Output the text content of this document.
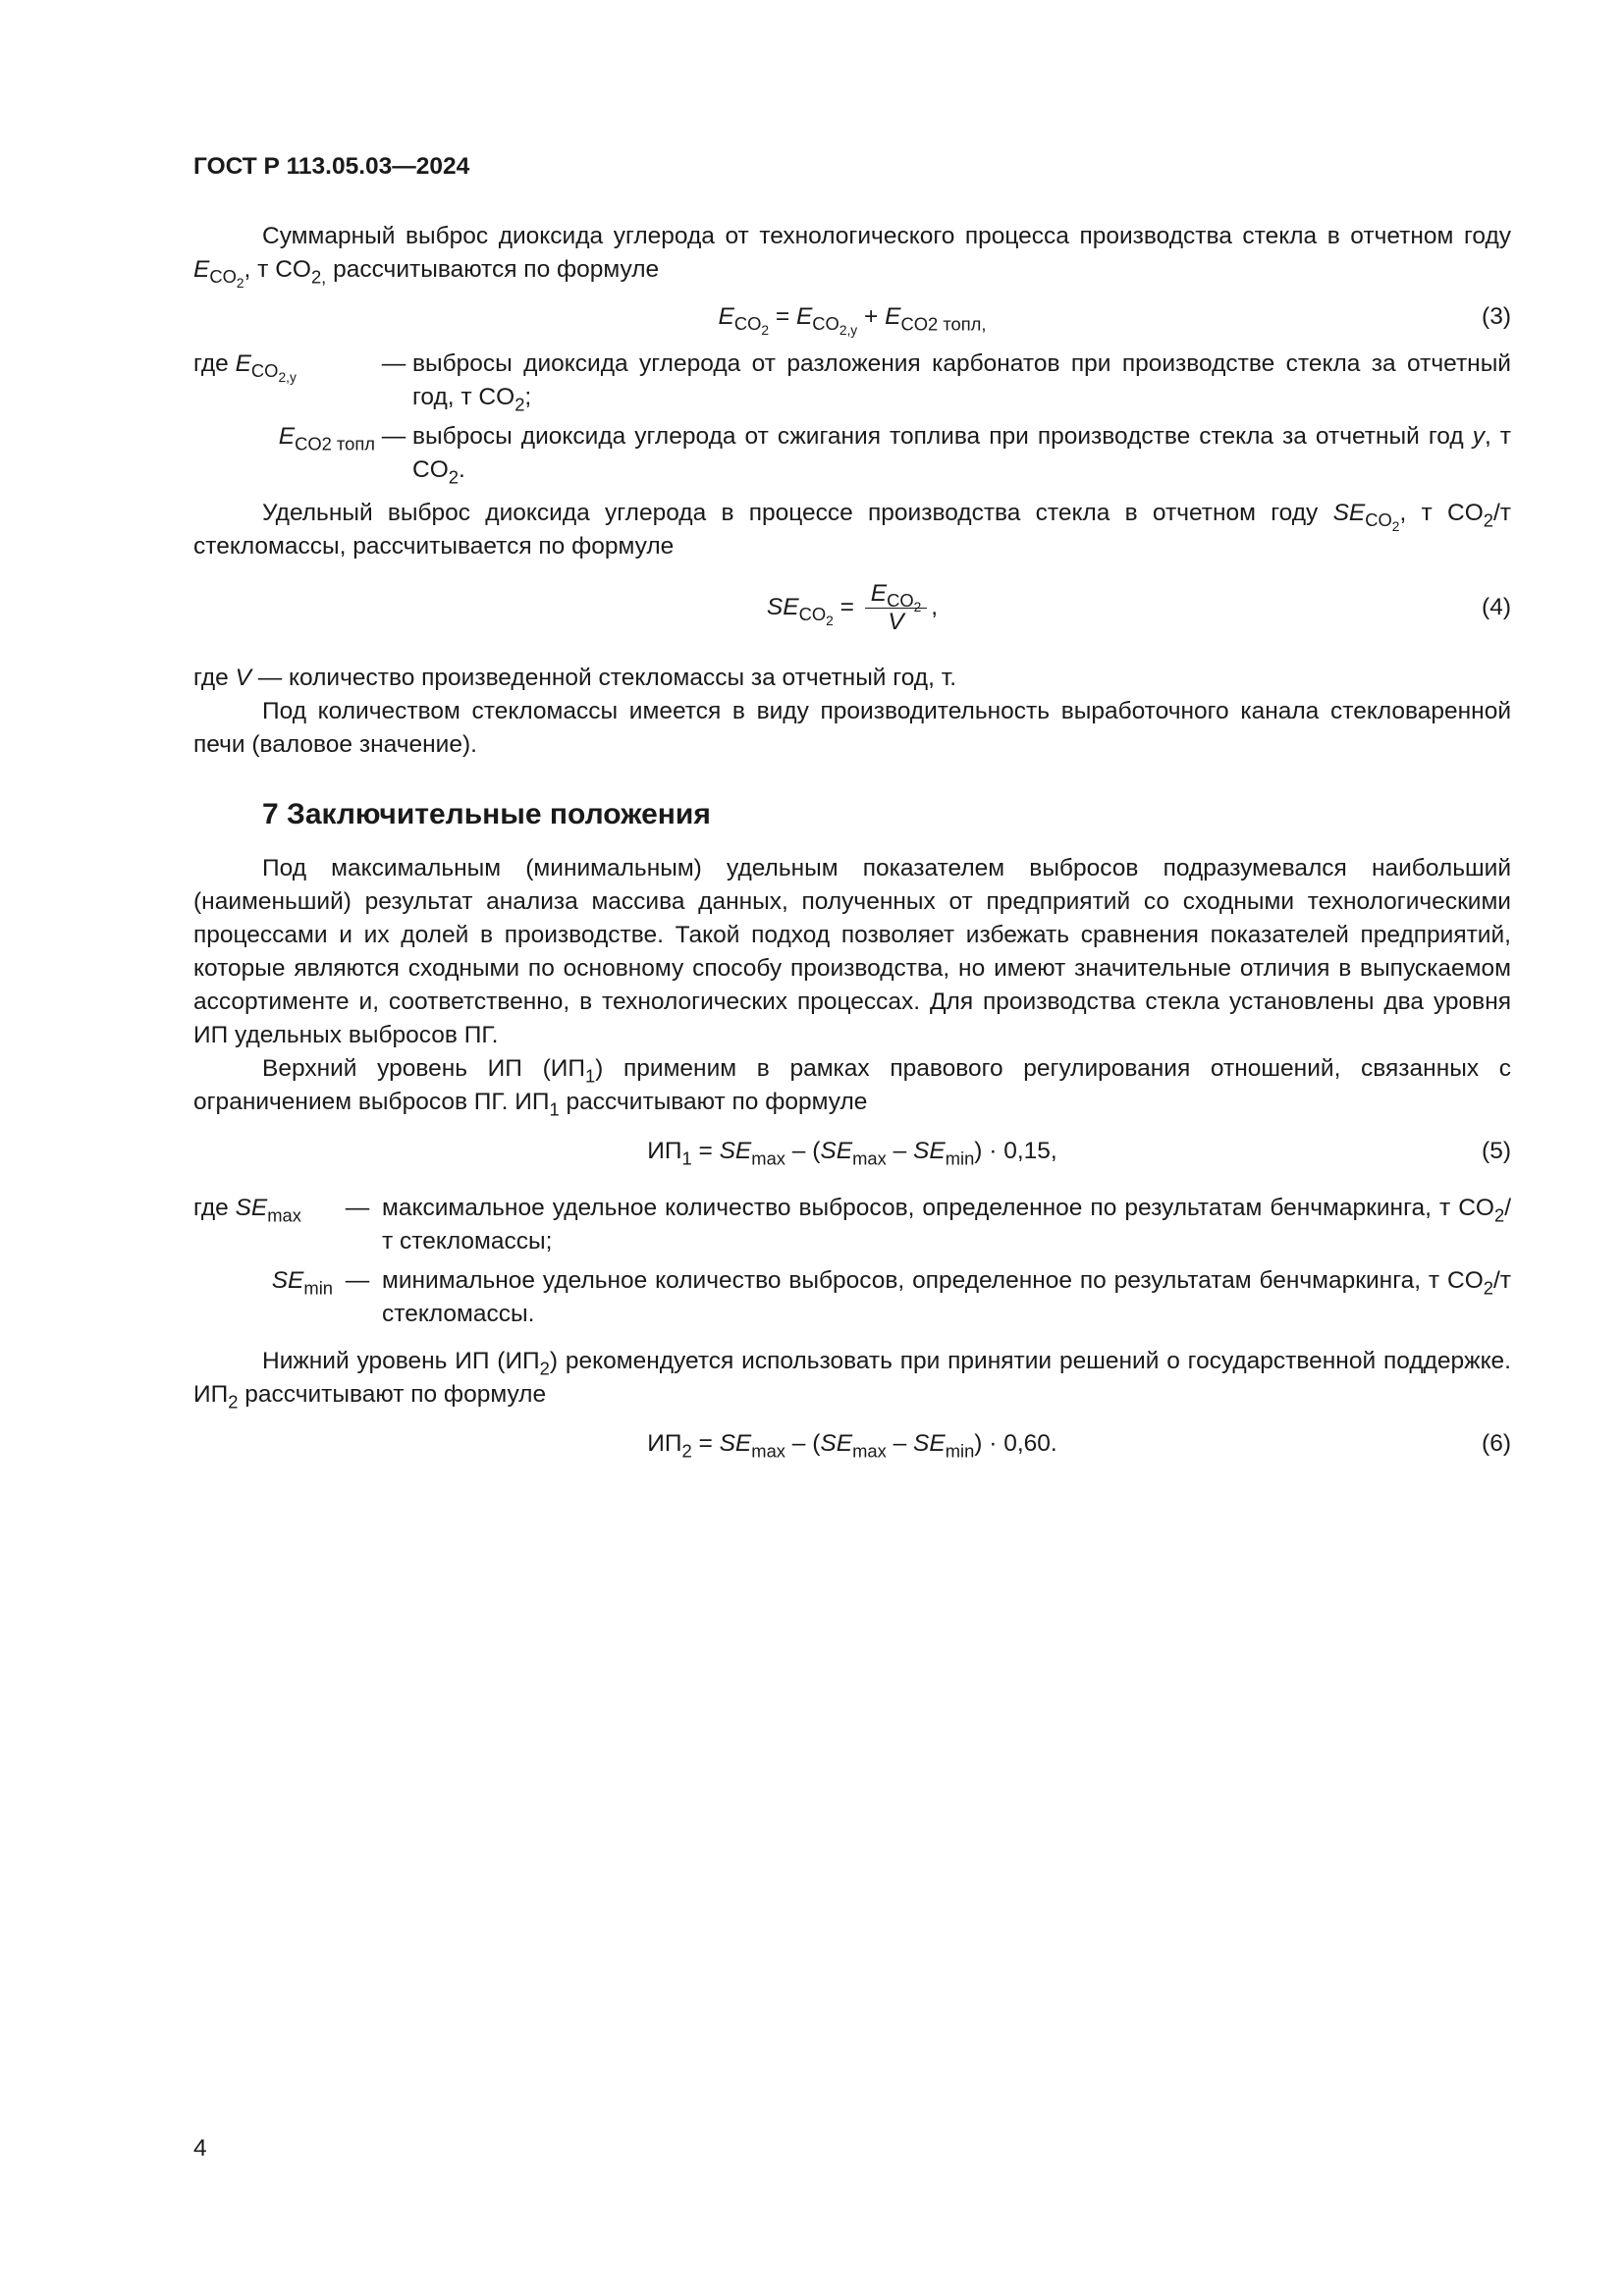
ГОСТ Р 113.05.03—2024

Суммарный выброс диоксида углерода от технологического процесса производства стекла в отчетном году $E_{CO_2}$, т $CO_{2,}$ рассчитываются по формуле

$E_{CO_2} = E_{CO_{2,y}} + E_{CO2 топл,}$	(3)
где $E_{CO_{2,y}}$
— выбросы диоксида углерода от разложения карбонатов при производстве стекла за отчетный год, т $CO_2$;
$E_{CO2 топл}$ — выбросы диоксида углерода от сжигания топлива при производстве стекла за отчетный год y, т $CO_2$.

Удельный выброс диоксида углерода в процессе производства стекла в отчетном году $SE_{CO_2}$, т $CO_2/т$ стекломассы, рассчитывается по формуле

$SE_{CO_2} = \frac{E_{CO_2}}{V}$ ,	(4)

где V — количество произведенной стекломассы за отчетный год, т.

Под количеством стекломассы имеется в виду производительность выработочного канала стекловаренной печи (валовое значение).

7 Заключительные положения

Под максимальным (минимальным) удельным показателем выбросов подразумевался наибольший (наименьший) результат анализа массива данных, полученных от предприятий со сходными технологическими процессами и их долей в производстве. Такой подход позволяет избежать сравнения показателей предприятий, которые являются сходными по основному способу производства, но имеют значительные отличия в выпускаемом ассортименте и, соответственно, в технологических процессах. Для производства стекла установлены два уровня ИП удельных выбросов ПГ.

Верхний уровень ИП $(ИП_1)$ применим в рамках правового регулирования отношений, связанных с ограничением выбросов ПГ. $ИП_1$ рассчитывают по формуле

$ИП_1 = SE_{max} - (SE_{max} - SE_{min}) \cdot 0,15$,	(5)
где $SE_{max}$	— максимальное удельное количество выбросов, определенное по результатам бенчмаркинга, т $CO_2/т$ стекломассы;
$SE_{min}$ — минимальное удельное количество выбросов, определенное по результатам бенчмаркинга, т $CO_2/т$ стекломассы.

Нижний уровень ИП $(ИП_2)$ рекомендуется использовать при принятии решений о государственной поддержке. $ИП_2$ рассчитывают по формуле

$ИП_2 = SE_{max} - (SE_{max} - SE_{min}) \cdot 0,60$.	(6)
4
